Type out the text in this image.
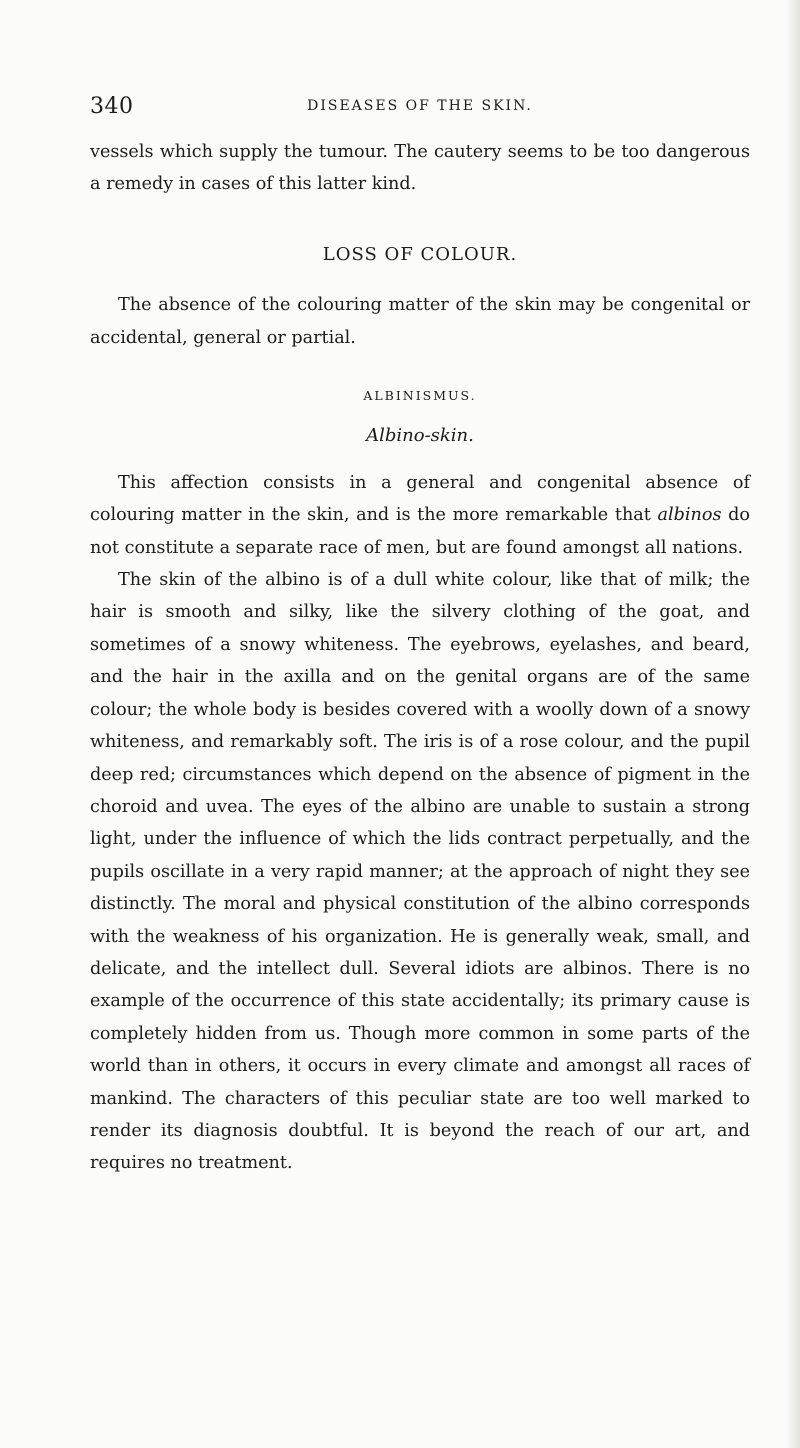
340	DISEASES OF THE SKIN.

vessels which supply the tumour. The cautery seems to be too dangerous a remedy in cases of this latter kind.

LOSS OF COLOUR.

The absence of the colouring matter of the skin may be congenital or accidental, general or partial.

ALBINISMUS.
Albino-skin.

This affection consists in a general and congenital absence of colouring matter in the skin, and is the more remarkable that albinos do not constitute a separate race of men, but are found amongst all nations.

The skin of the albino is of a dull white colour, like that of milk; the hair is smooth and silky, like the silvery clothing of the goat, and sometimes of a snowy whiteness. The eyebrows, eyelashes, and beard, and the hair in the axilla and on the genital organs are of the same colour; the whole body is besides covered with a woolly down of a snowy whiteness, and remarkably soft. The iris is of a rose colour, and the pupil deep red; circumstances which depend on the absence of pigment in the choroid and uvea. The eyes of the albino are unable to sustain a strong light, under the influence of which the lids contract perpetually, and the pupils oscillate in a very rapid manner; at the approach of night they see distinctly. The moral and physical constitution of the albino corresponds with the weakness of his organization. He is generally weak, small, and delicate, and the intellect dull. Several idiots are albinos. There is no example of the occurrence of this state accidentally; its primary cause is completely hidden from us. Though more common in some parts of the world than in others, it occurs in every climate and amongst all races of mankind. The characters of this peculiar state are too well marked to render its diagnosis doubtful. It is beyond the reach of our art, and requires no treatment.
